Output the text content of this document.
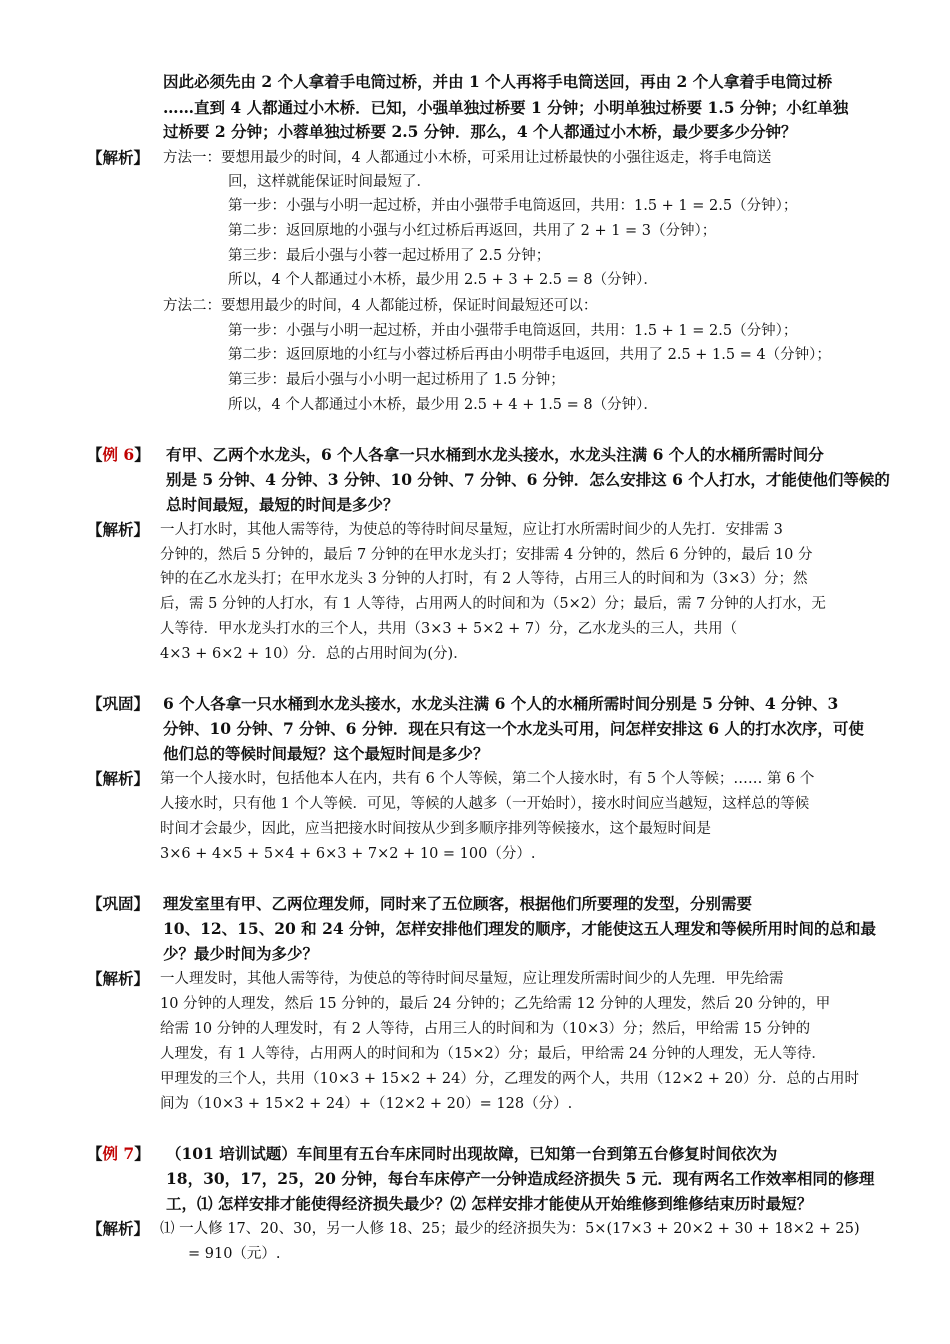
因此必须先由 2 个人拿着手电筒过桥，并由 1 个人再将手电筒送回，再由 2 个人拿着手电筒过桥
……直到 4 人都通过小木桥．已知，小强单独过桥要 1 分钟；小明单独过桥要 1.5 分钟；小红单独
过桥要 2 分钟；小蓉单独过桥要 2.5 分钟．那么，4 个人都通过小木桥，最少要多少分钟？
【解析】 方法一：要想用最少的时间，4 人都通过小木桥，可采用让过桥最快的小强往返走，将手电筒送
回，这样就能保证时间最短了．
第一步：小强与小明一起过桥，并由小强带手电筒返回，共用：1.5 + 1 = 2.5（分钟）；
第二步：返回原地的小强与小红过桥后再返回，共用了 2 + 1 = 3（分钟）；
第三步：最后小强与小蓉一起过桥用了 2.5 分钟；
所以，4 个人都通过小木桥，最少用 2.5 + 3 + 2.5 = 8（分钟）．
方法二：要想用最少的时间，4 人都能过桥，保证时间最短还可以：
第一步：小强与小明一起过桥，并由小强带手电筒返回，共用：1.5 + 1 = 2.5（分钟）；
第二步：返回原地的小红与小蓉过桥后再由小明带手电返回，共用了 2.5 + 1.5 = 4（分钟）；
第三步：最后小强与小小明一起过桥用了 1.5 分钟；
所以，4 个人都通过小木桥，最少用 2.5 + 4 + 1.5 = 8（分钟）．
【例 6】 有甲、乙两个水龙头，6 个人各拿一只水桶到水龙头接水，水龙头注满 6 个人的水桶所需时间分
别是 5 分钟、4 分钟、3 分钟、10 分钟、7 分钟、6 分钟．怎么安排这 6 个人打水，才能使他们等候的
总时间最短，最短的时间是多少？
【解析】 一人打水时，其他人需等待，为使总的等待时间尽量短，应让打水所需时间少的人先打．安排需 3
分钟的，然后 5 分钟的，最后 7 分钟的在甲水龙头打；安排需 4 分钟的，然后 6 分钟的，最后 10 分
钟的在乙水龙头打；在甲水龙头 3 分钟的人打时，有 2 人等待，占用三人的时间和为（3×3）分；然
后，需 5 分钟的人打水，有 1 人等待，占用两人的时间和为（5×2）分；最后，需 7 分钟的人打水，无
人等待．甲水龙头打水的三个人，共用（3×3 + 5×2 + 7）分，乙水龙头的三人，共用（
4×3 + 6×2 + 10）分．总的占用时间为(分)．
【巩固】 6 个人各拿一只水桶到水龙头接水，水龙头注满 6 个人的水桶所需时间分别是 5 分钟、4 分钟、3
分钟、10 分钟、7 分钟、6 分钟．现在只有这一个水龙头可用，问怎样安排这 6 人的打水次序，可使
他们总的等候时间最短？这个最短时间是多少？
【解析】 第一个人接水时，包括他本人在内，共有 6 个人等候，第二个人接水时，有 5 个人等候；…… 第 6 个
人接水时，只有他 1 个人等候．可见，等候的人越多（一开始时），接水时间应当越短，这样总的等候
时间才会最少，因此，应当把接水时间按从少到多顺序排列等候接水，这个最短时间是
3×6 + 4×5 + 5×4 + 6×3 + 7×2 + 10 = 100（分）.
【巩固】 理发室里有甲、乙两位理发师，同时来了五位顾客，根据他们所要理的发型，分别需要
10、12、15、20 和 24 分钟，怎样安排他们理发的顺序，才能使这五人理发和等候所用时间的总和最
少？最少时间为多少？
【解析】 一人理发时，其他人需等待，为使总的等待时间尽量短，应让理发所需时间少的人先理．甲先给需
10 分钟的人理发，然后 15 分钟的，最后 24 分钟的；乙先给需 12 分钟的人理发，然后 20 分钟的，甲
给需 10 分钟的人理发时，有 2 人等待，占用三人的时间和为（10×3）分；然后，甲给需 15 分钟的
人理发，有 1 人等待，占用两人的时间和为（15×2）分；最后，甲给需 24 分钟的人理发，无人等待．
甲理发的三个人，共用（10×3 + 15×2 + 24）分，乙理发的两个人，共用（12×2 + 20）分．总的占用时
间为（10×3 + 15×2 + 24）+（12×2 + 20）= 128（分）.
【例 7】 （101 培训试题）车间里有五台车床同时出现故障，已知第一台到第五台修复时间依次为
18，30，17，25，20 分钟，每台车床停产一分钟造成经济损失 5 元．现有两名工作效率相同的修理
工，⑴ 怎样安排才能使得经济损失最少？⑵ 怎样安排才能使从开始维修到维修结束历时最短？
【解析】 ⑴ 一人修 17、20、30，另一人修 18、25；最少的经济损失为：5×(17×3 + 20×2 + 30 + 18×2 + 25)
= 910（元）.
